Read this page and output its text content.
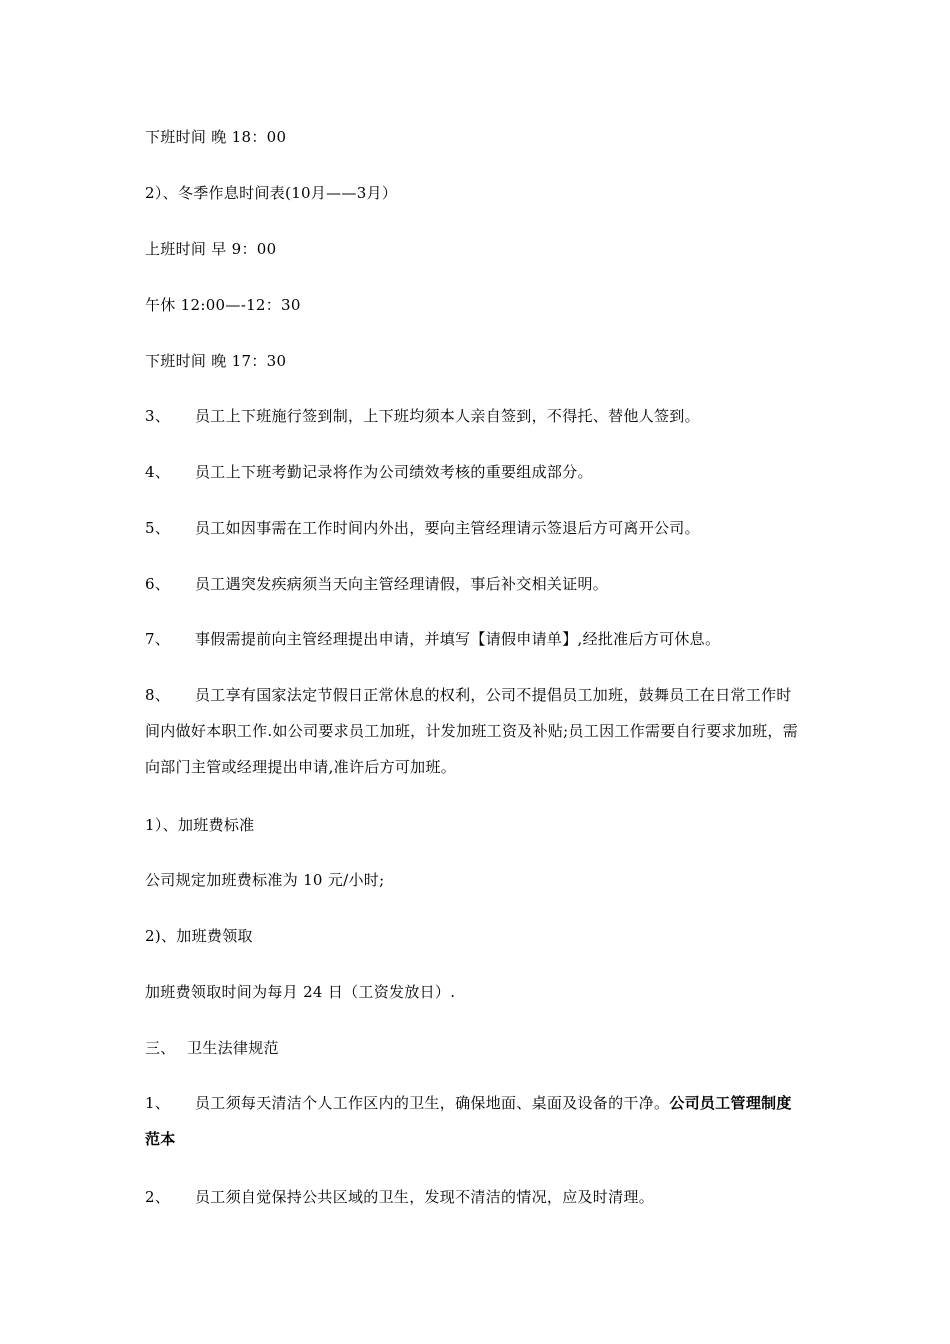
下班时间 晚 18：00
2）、冬季作息时间表(10月——3月）
上班时间 早 9：00
午休 12:00—-12：30
下班时间 晚 17：30
3、 员工上下班施行签到制，上下班均须本人亲自签到，不得托、替他人签到。
4、 员工上下班考勤记录将作为公司绩效考核的重要组成部分。
5、 员工如因事需在工作时间内外出，要向主管经理请示签退后方可离开公司。
6、 员工遇突发疾病须当天向主管经理请假，事后补交相关证明。
7、 事假需提前向主管经理提出申请，并填写【请假申请单】,经批准后方可休息。
8、 员工享有国家法定节假日正常休息的权利，公司不提倡员工加班，鼓舞员工在日常工作时间内做好本职工作.如公司要求员工加班，计发加班工资及补贴;员工因工作需要自行要求加班，需向部门主管或经理提出申请,准许后方可加班。
1）、加班费标准
公司规定加班费标准为 10 元/小时;
2)、加班费领取
加班费领取时间为每月 24 日（工资发放日）.
三、 卫生法律规范
1、 员工须每天清洁个人工作区内的卫生，确保地面、桌面及设备的干净。公司员工管理制度范本
2、 员工须自觉保持公共区域的卫生，发现不清洁的情况，应及时清理。
